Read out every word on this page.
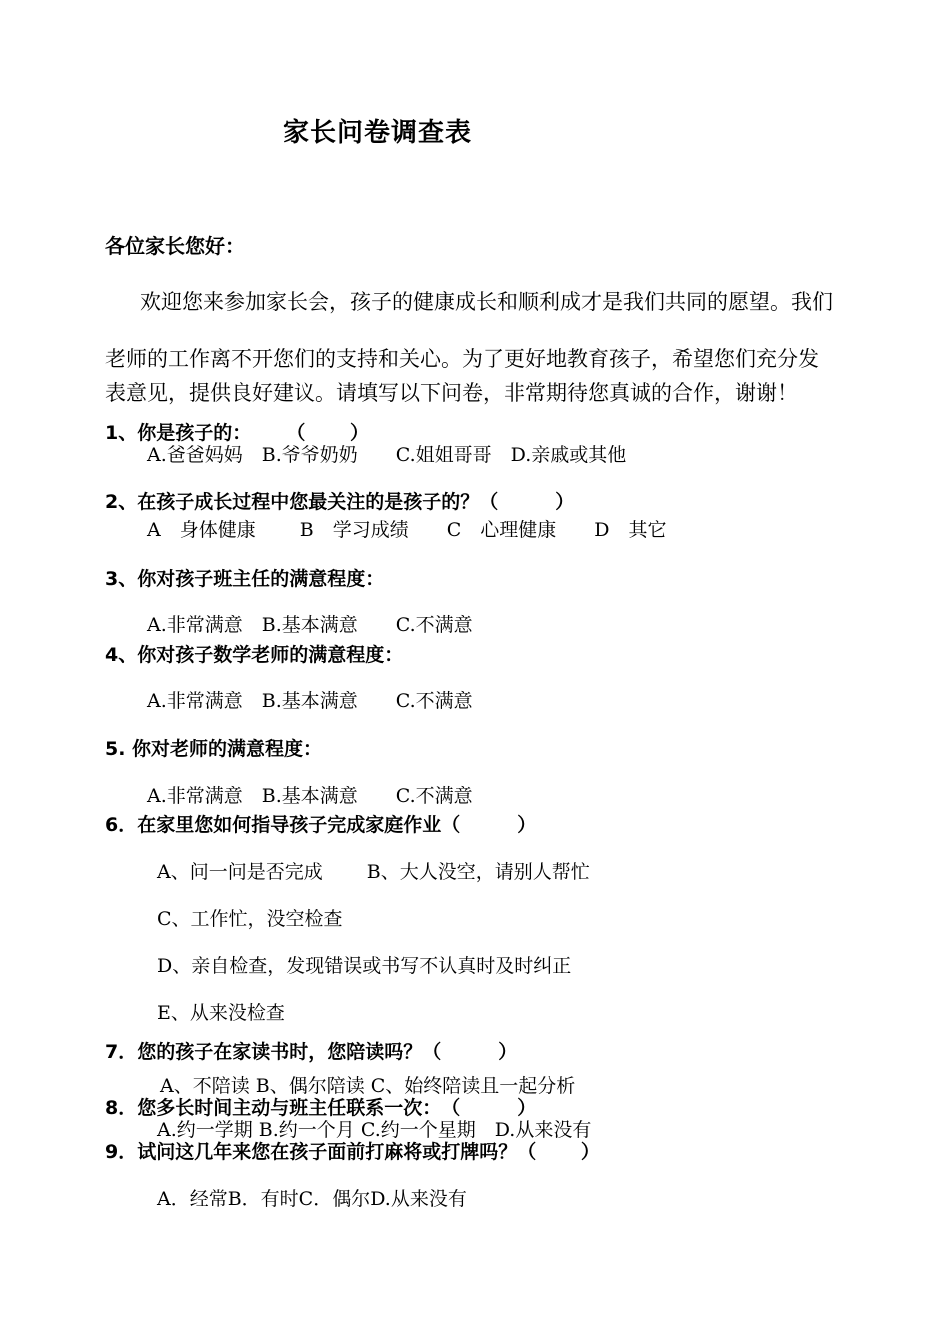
家长问卷调查表
各位家长您好：
欢迎您来参加家长会，孩子的健康成长和顺利成才是我们共同的愿望。我们
老师的工作离不开您们的支持和关心。为了更好地教育孩子，希望您们充分发
表意见，提供良好建议。请填写以下问卷，非常期待您真诚的合作，谢谢！
1、你是孩子的：　　 （　　 ）
A.爸爸妈妈　B.爷爷奶奶　　C.姐姐哥哥　D.亲戚或其他
2、在孩子成长过程中您最关注的是孩子的？（　　　）
A　身体健康　　 B　学习成绩　　C　心理健康　　D　其它
3、你对孩子班主任的满意程度：
A.非常满意　B.基本满意　　C.不满意
4、你对孩子数学老师的满意程度：
A.非常满意　B.基本满意　　C.不满意
5. 你对老师的满意程度：
A.非常满意　B.基本满意　　C.不满意
6．在家里您如何指导孩子完成家庭作业（　　　）
A、问一问是否完成　　 B、大人没空，请别人帮忙
C、工作忙，没空检查
D、亲自检查，发现错误或书写不认真时及时纠正
E、从来没检查
7．您的孩子在家读书时，您陪读吗？（　　　）
A、不陪读 B、偶尔陪读 C、始终陪读且一起分析
8．您多长时间主动与班主任联系一次：　（　　　）
A.约一学期 B.约一个月 C.约一个星期　D.从来没有
9．试问这几年来您在孩子面前打麻将或打牌吗？（　　 ）
A．经常B．有时C．偶尔D.从来没有
